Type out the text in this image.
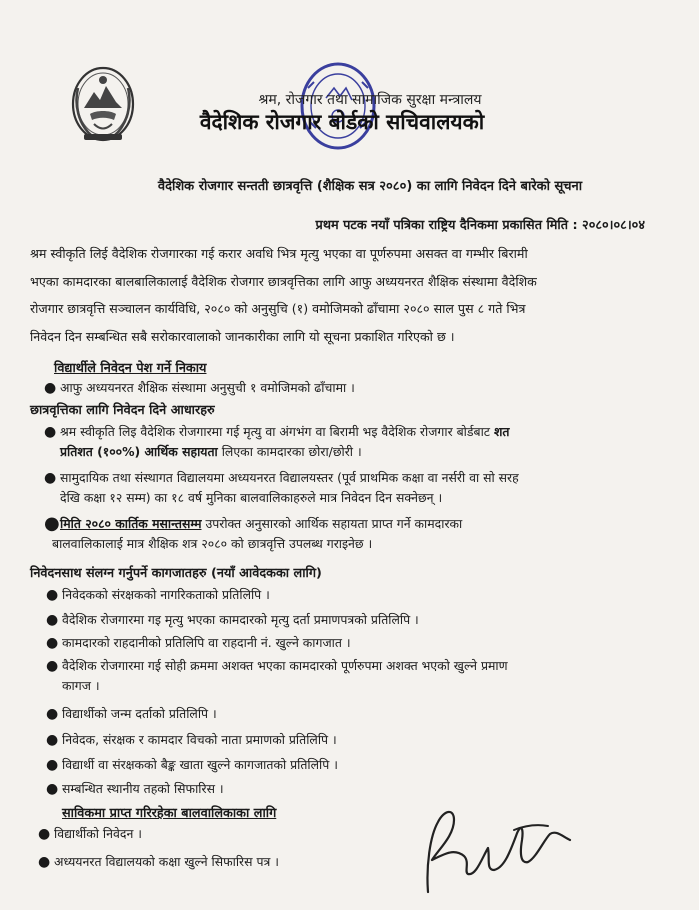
श्रम, रोजगार तथा सामाजिक सुरक्षा मन्त्रालय
वैदेशिक रोजगार बोर्डको सचिवालयको
वैदेशिक रोजगार सन्तती छात्रवृत्ति (शैक्षिक सत्र २०८०) का लागि निवेदन दिने बारेको सूचना
प्रथम पटक नयाँ पत्रिका राष्ट्रिय दैनिकमा प्रकासित मिति : २०८०।०८।०४
श्रम स्वीकृति लिई वैदेशिक रोजगारका गई करार अवधि भित्र मृत्यु भएका वा पूर्णरुपमा असक्त वा गम्भीर बिरामी
भएका कामदारका बालबालिकालाई वैदेशिक रोजगार छात्रवृत्तिका लागि आफु अध्ययनरत शैक्षिक संस्थामा वैदेशिक
रोजगार छात्रवृत्ति सञ्चालन कार्यविधि, २०८० को अनुसुचि (१) वमोजिमको ढाँचामा २०८० साल पुस ८ गते भित्र
निवेदन दिन सम्बन्धित सबै सरोकारवालाको जानकारीका लागि यो सूचना प्रकाशित गरिएको छ ।
विद्यार्थीले निवेदन पेश गर्ने निकाय
● आफु अध्ययनरत शैक्षिक संस्थामा अनुसुची १ वमोजिमको ढाँचामा ।
छात्रवृत्तिका लागि निवेदन दिने आधारहरु
● श्रम स्वीकृति लिइ वैदेशिक रोजगारमा गई मृत्यु वा अंगभंग वा बिरामी भइ वैदेशिक रोजगार बोर्डबाट शत
प्रतिशत (१००%) आर्थिक सहायता लिएका कामदारका छोरा/छोरी ।
● सामुदायिक तथा संस्थागत विद्यालयमा अध्ययनरत विद्यालयस्तर (पूर्व प्राथमिक कक्षा वा नर्सरी वा सो सरह
देखि कक्षा १२ सम्म) का १८ वर्ष मुनिका बालवालिकाहरुले मात्र निवेदन दिन सक्नेछन् ।
● मिति २०८० कार्तिक मसान्तसम्म उपरोक्त अनुसारको आर्थिक सहायता प्राप्त गर्ने कामदारका
बालवालिकालाई मात्र शैक्षिक शत्र २०८० को छात्रवृत्ति उपलब्ध गराइनेछ ।
निवेदनसाथ संलग्न गर्नुपर्ने कागजातहरु (नयाँ आवेदकका लागि)
● निवेदकको संरक्षकको नागरिकताको प्रतिलिपि ।
● वैदेशिक रोजगारमा गइ मृत्यु भएका कामदारको मृत्यु दर्ता प्रमाणपत्रको प्रतिलिपि ।
● कामदारको राहदानीको प्रतिलिपि वा राहदानी नं. खुल्ने कागजात ।
● वैदेशिक रोजगारमा गई सोही क्रममा अशक्त भएका कामदारको पूर्णरुपमा अशक्त भएको खुल्ने प्रमाण
कागज ।
● विद्यार्थीको जन्म दर्ताको प्रतिलिपि ।
● निवेदक, संरक्षक र कामदार विचको नाता प्रमाणको प्रतिलिपि ।
● विद्यार्थी वा संरक्षकको बैङ्क खाता खुल्ने कागजातको प्रतिलिपि ।
● सम्बन्धित स्थानीय तहको सिफारिस ।
साविकमा प्राप्त गरिरहेका बालवालिकाका लागि
● विद्यार्थीको निवेदन ।
● अध्ययनरत विद्यालयको कक्षा खुल्ने सिफारिस पत्र ।
